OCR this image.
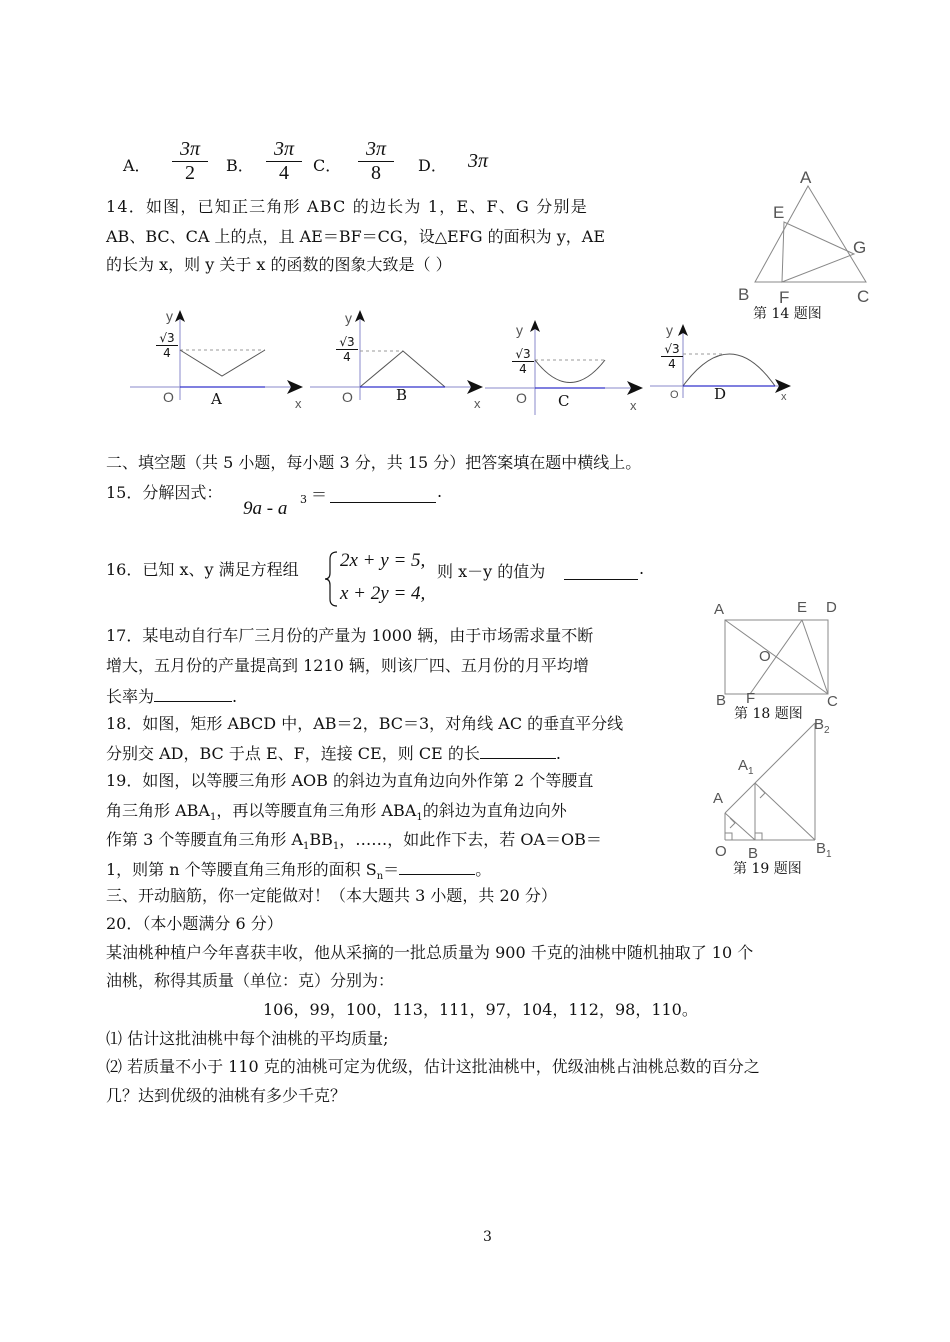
A． $\frac{3\pi}{2}$ B． $\frac{3\pi}{4}$ C． $\frac{3\pi}{8}$ D． 3π
14．如图，已知正三角形 ABC 的边长为 1，E、F、G 分别是
AB、BC、CA 上的点，且 AE＝BF＝CG，设△EFG 的面积为 y，AE
的长为 x，则 y 关于 x 的函数的图象大致是（ ）
A
E
G
B F	C
第 14 题图
y
$\frac{√3}{4}$
O A	x
y
$\frac{√3}{4}$
O	B	x
y
$\frac{√3}{4}$
O C	x
y
$\frac{√3}{4}$
O D	x
二、填空题（共 5 小题，每小题 3 分，共 15 分）把答案填在题中横线上。
15．分解因式：
9a - a 3 ＝	.
16．已知 x、y 满足方程组 2x + y = 5,
x + 2y = 4,
则 x－y 的值为	.
17．某电动自行车厂三月份的产量为 1000 辆，由于市场需求量不断
增大，五月份的产量提高到 1210 辆，则该厂四、五月份的月平均增
长率为	.
18．如图，矩形 ABCD 中，AB＝2，BC＝3，对角线 AC 的垂直平分线
分别交 AD，BC 于点 E、F，连接 CE，则 CE 的长	.
A	E D
O
B F	C
第 18 题图
19．如图，以等腰三角形 AOB 的斜边为直角边向外作第 2 个等腰直
角三角形 $ABA_1$，再以等腰直角三角形 $ABA_1$的斜边为直角边向外
作第 3 个等腰直角三角形 $A_1BB_1$，……，如此作下去，若 OA＝OB＝
1，则第 n 个等腰直角三角形的面积 $S_n=$	。
$B_2$
$A_1$
A
O B	$B_1$
第 19 题图
三、开动脑筋，你一定能做对！（本大题共 3 小题，共 20 分）
20．（本小题满分 6 分）
某油桃种植户今年喜获丰收，他从采摘的一批总质量为 900 千克的油桃中随机抽取了 10 个
油桃，称得其质量（单位：克）分别为：
106，99，100，113，111，97，104，112，98，110。
⑴ 估计这批油桃中每个油桃的平均质量;
⑵ 若质量不小于 110 克的油桃可定为优级，估计这批油桃中，优级油桃占油桃总数的百分之
几？达到优级的油桃有多少千克？
3
